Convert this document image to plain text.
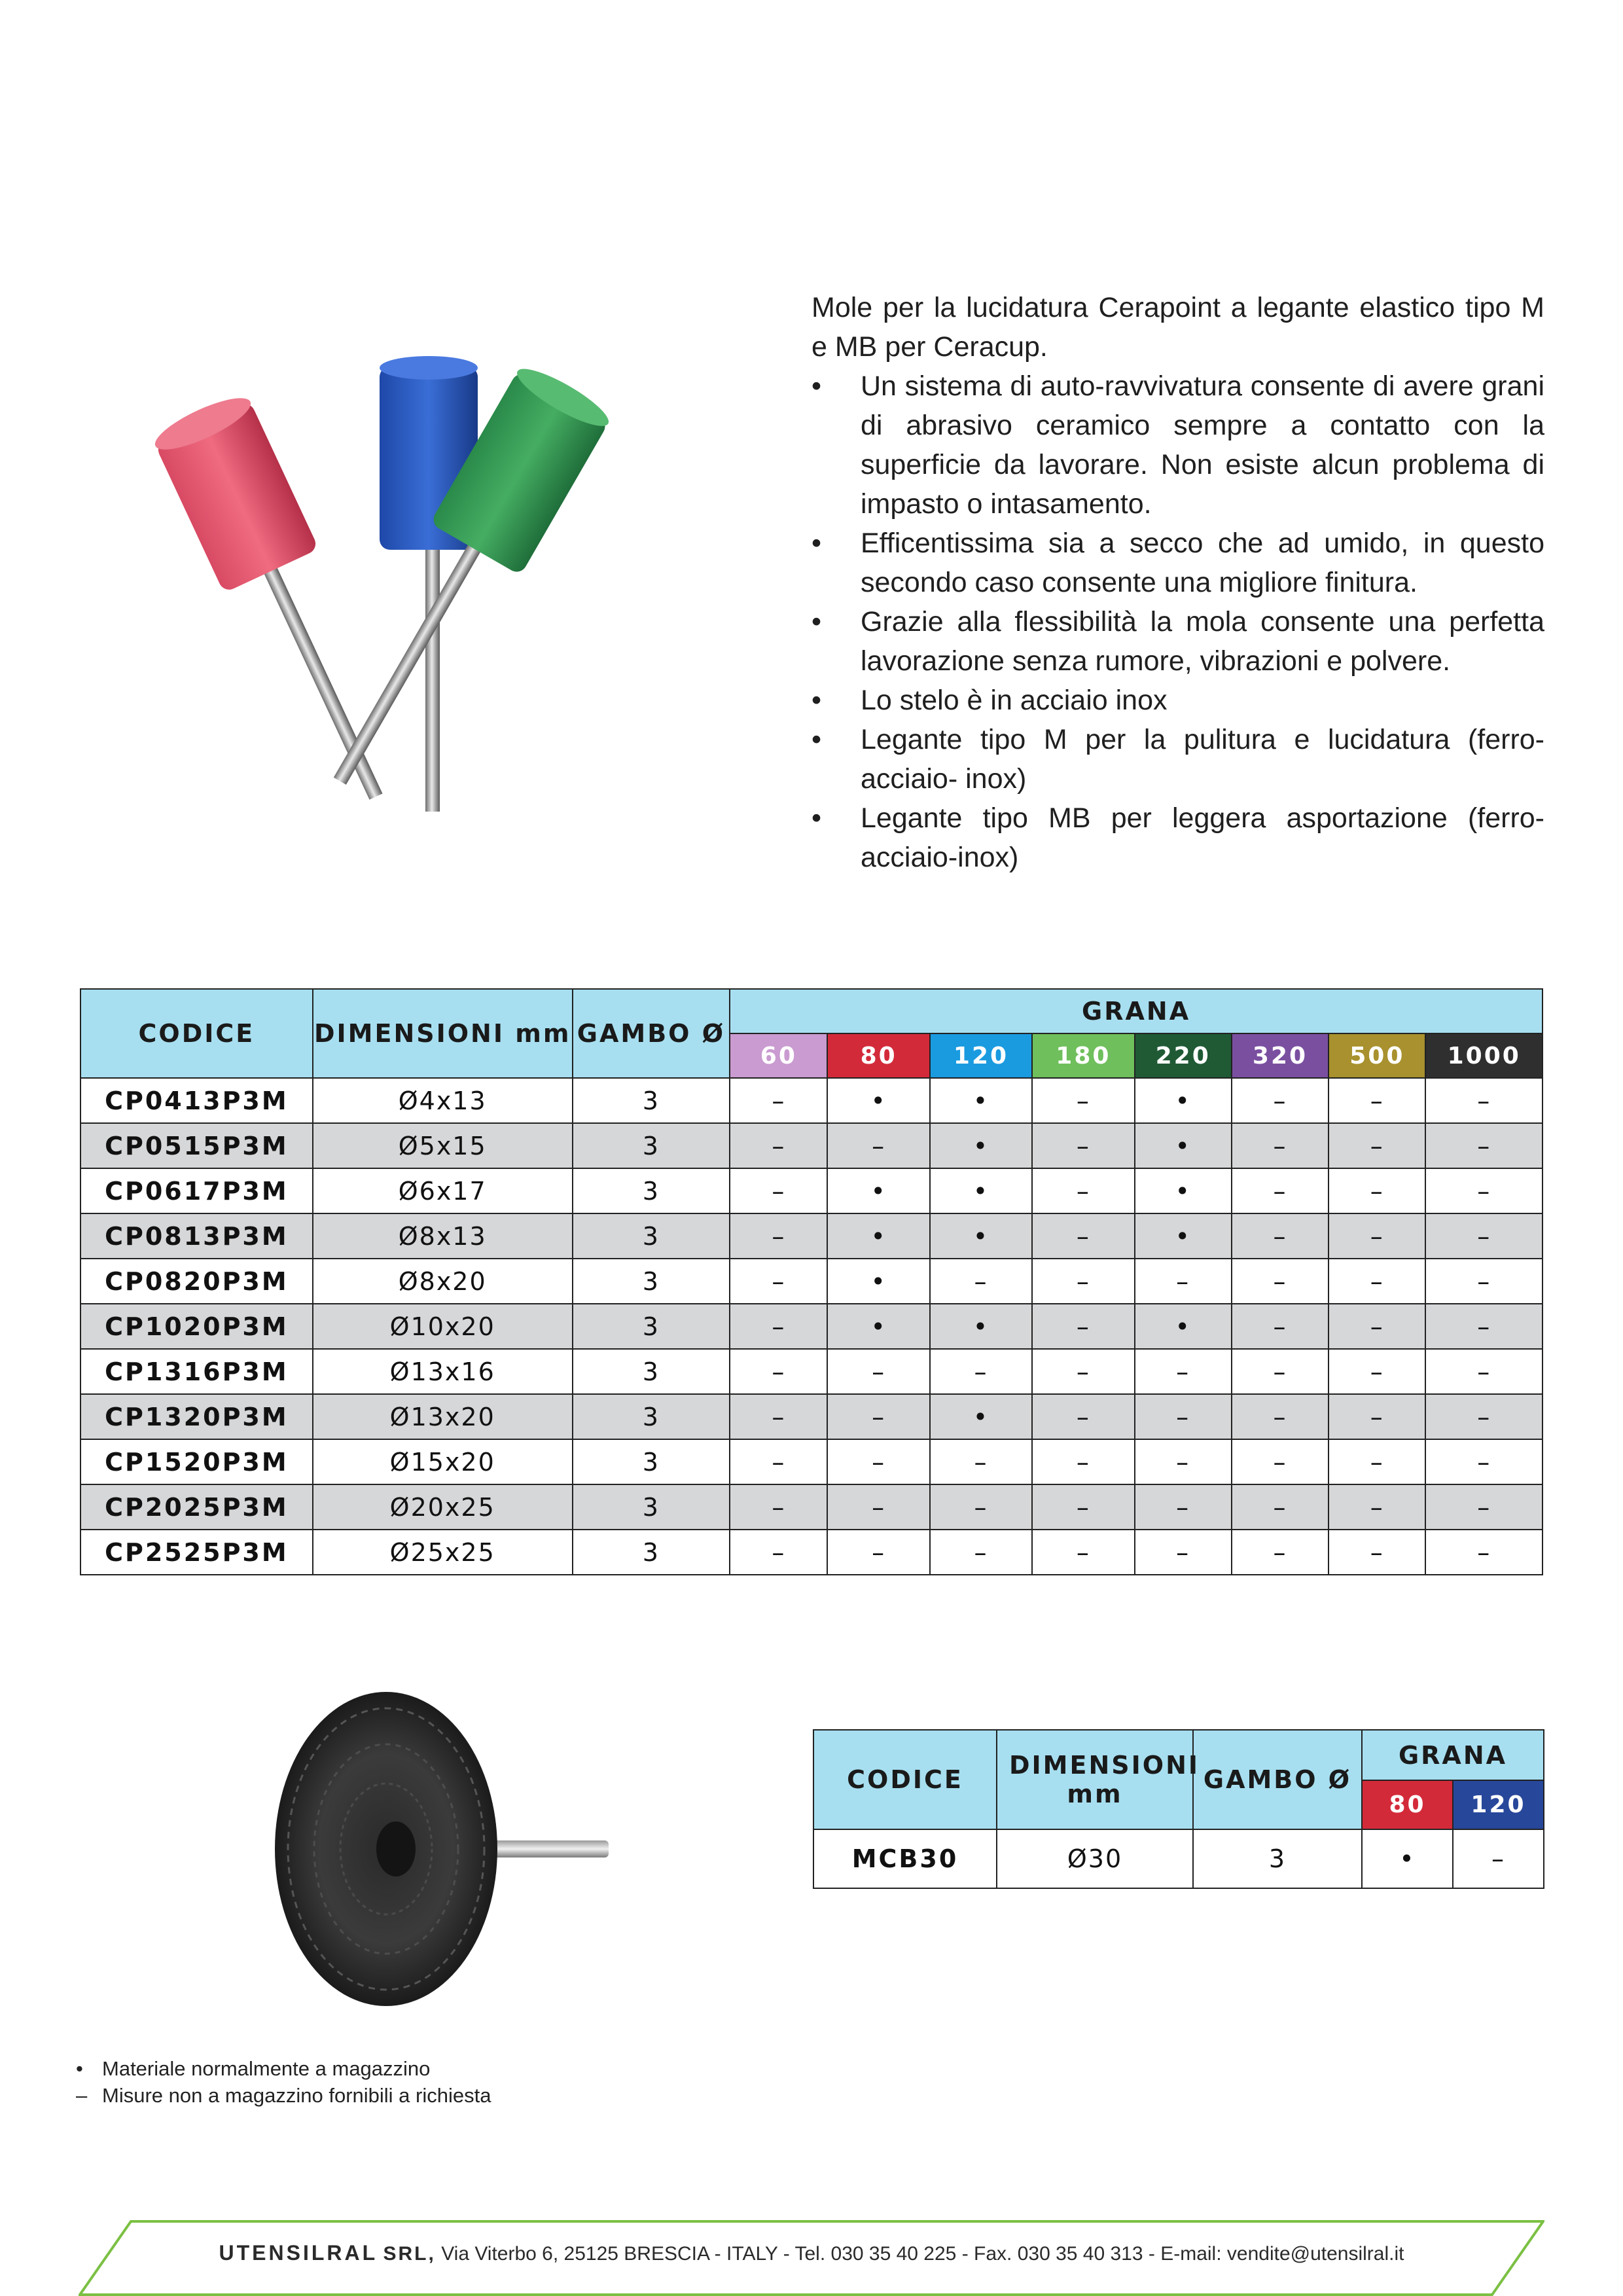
Mole per la lucidatura Cerapoint a legante elastico tipo M e MB per Ceracup.

• Un sistema di auto-ravvivatura consente di avere grani di abrasivo ceramico sempre a contatto con la superficie da lavorare. Non esiste alcun problema di impasto o intasamento.
• Efficentissima sia a secco che ad umido, in questo secondo caso consente una migliore finitura.
• Grazie alla flessibilità la mola consente una perfetta lavorazione senza rumore, vibrazioni e polvere.
• Lo stelo è in acciaio inox
• Legante tipo M per la pulitura e lucidatura (ferro- acciaio- inox)
• Legante tipo MB per leggera asportazione (ferro-acciaio-inox)
CODICE	DIMENSIONI mm	GAMBO Ø	GRANA							
			60	80	120	180	220	320	500	1000
CP0413P3M	Ø4x13	3	–	•	•	–	•	–	–	–
CP0515P3M	Ø5x15	3	–	–	•	–	•	–	–	–
CP0617P3M	Ø6x17	3	–	•	•	–	•	–	–	–
CP0813P3M	Ø8x13	3	–	•	•	–	•	–	–	–
CP0820P3M	Ø8x20	3	–	•	–	–	–	–	–	–
CP1020P3M	Ø10x20	3	–	•	•	–	•	–	–	–
CP1316P3M	Ø13x16	3	–	–	–	–	–	–	–	–
CP1320P3M	Ø13x20	3	–	–	•	–	–	–	–	–
CP1520P3M	Ø15x20	3	–	–	–	–	–	–	–	–
CP2025P3M	Ø20x25	3	–	–	–	–	–	–	–	–
CP2525P3M	Ø25x25	3	–	–	–	–	–	–	–	–
CODICE	DIMENSIONI mm	GAMBO Ø	GRANA	
			80	120
MCB30	Ø30	3	•	–
• Materiale normalmente a magazzino
– Misure non a magazzino fornibili a richiesta
UTENSILRAL SRL, Via Viterbo 6, 25125 BRESCIA - ITALY - Tel. 030 35 40 225 - Fax. 030 35 40 313 - E-mail: vendite@utensilral.it
